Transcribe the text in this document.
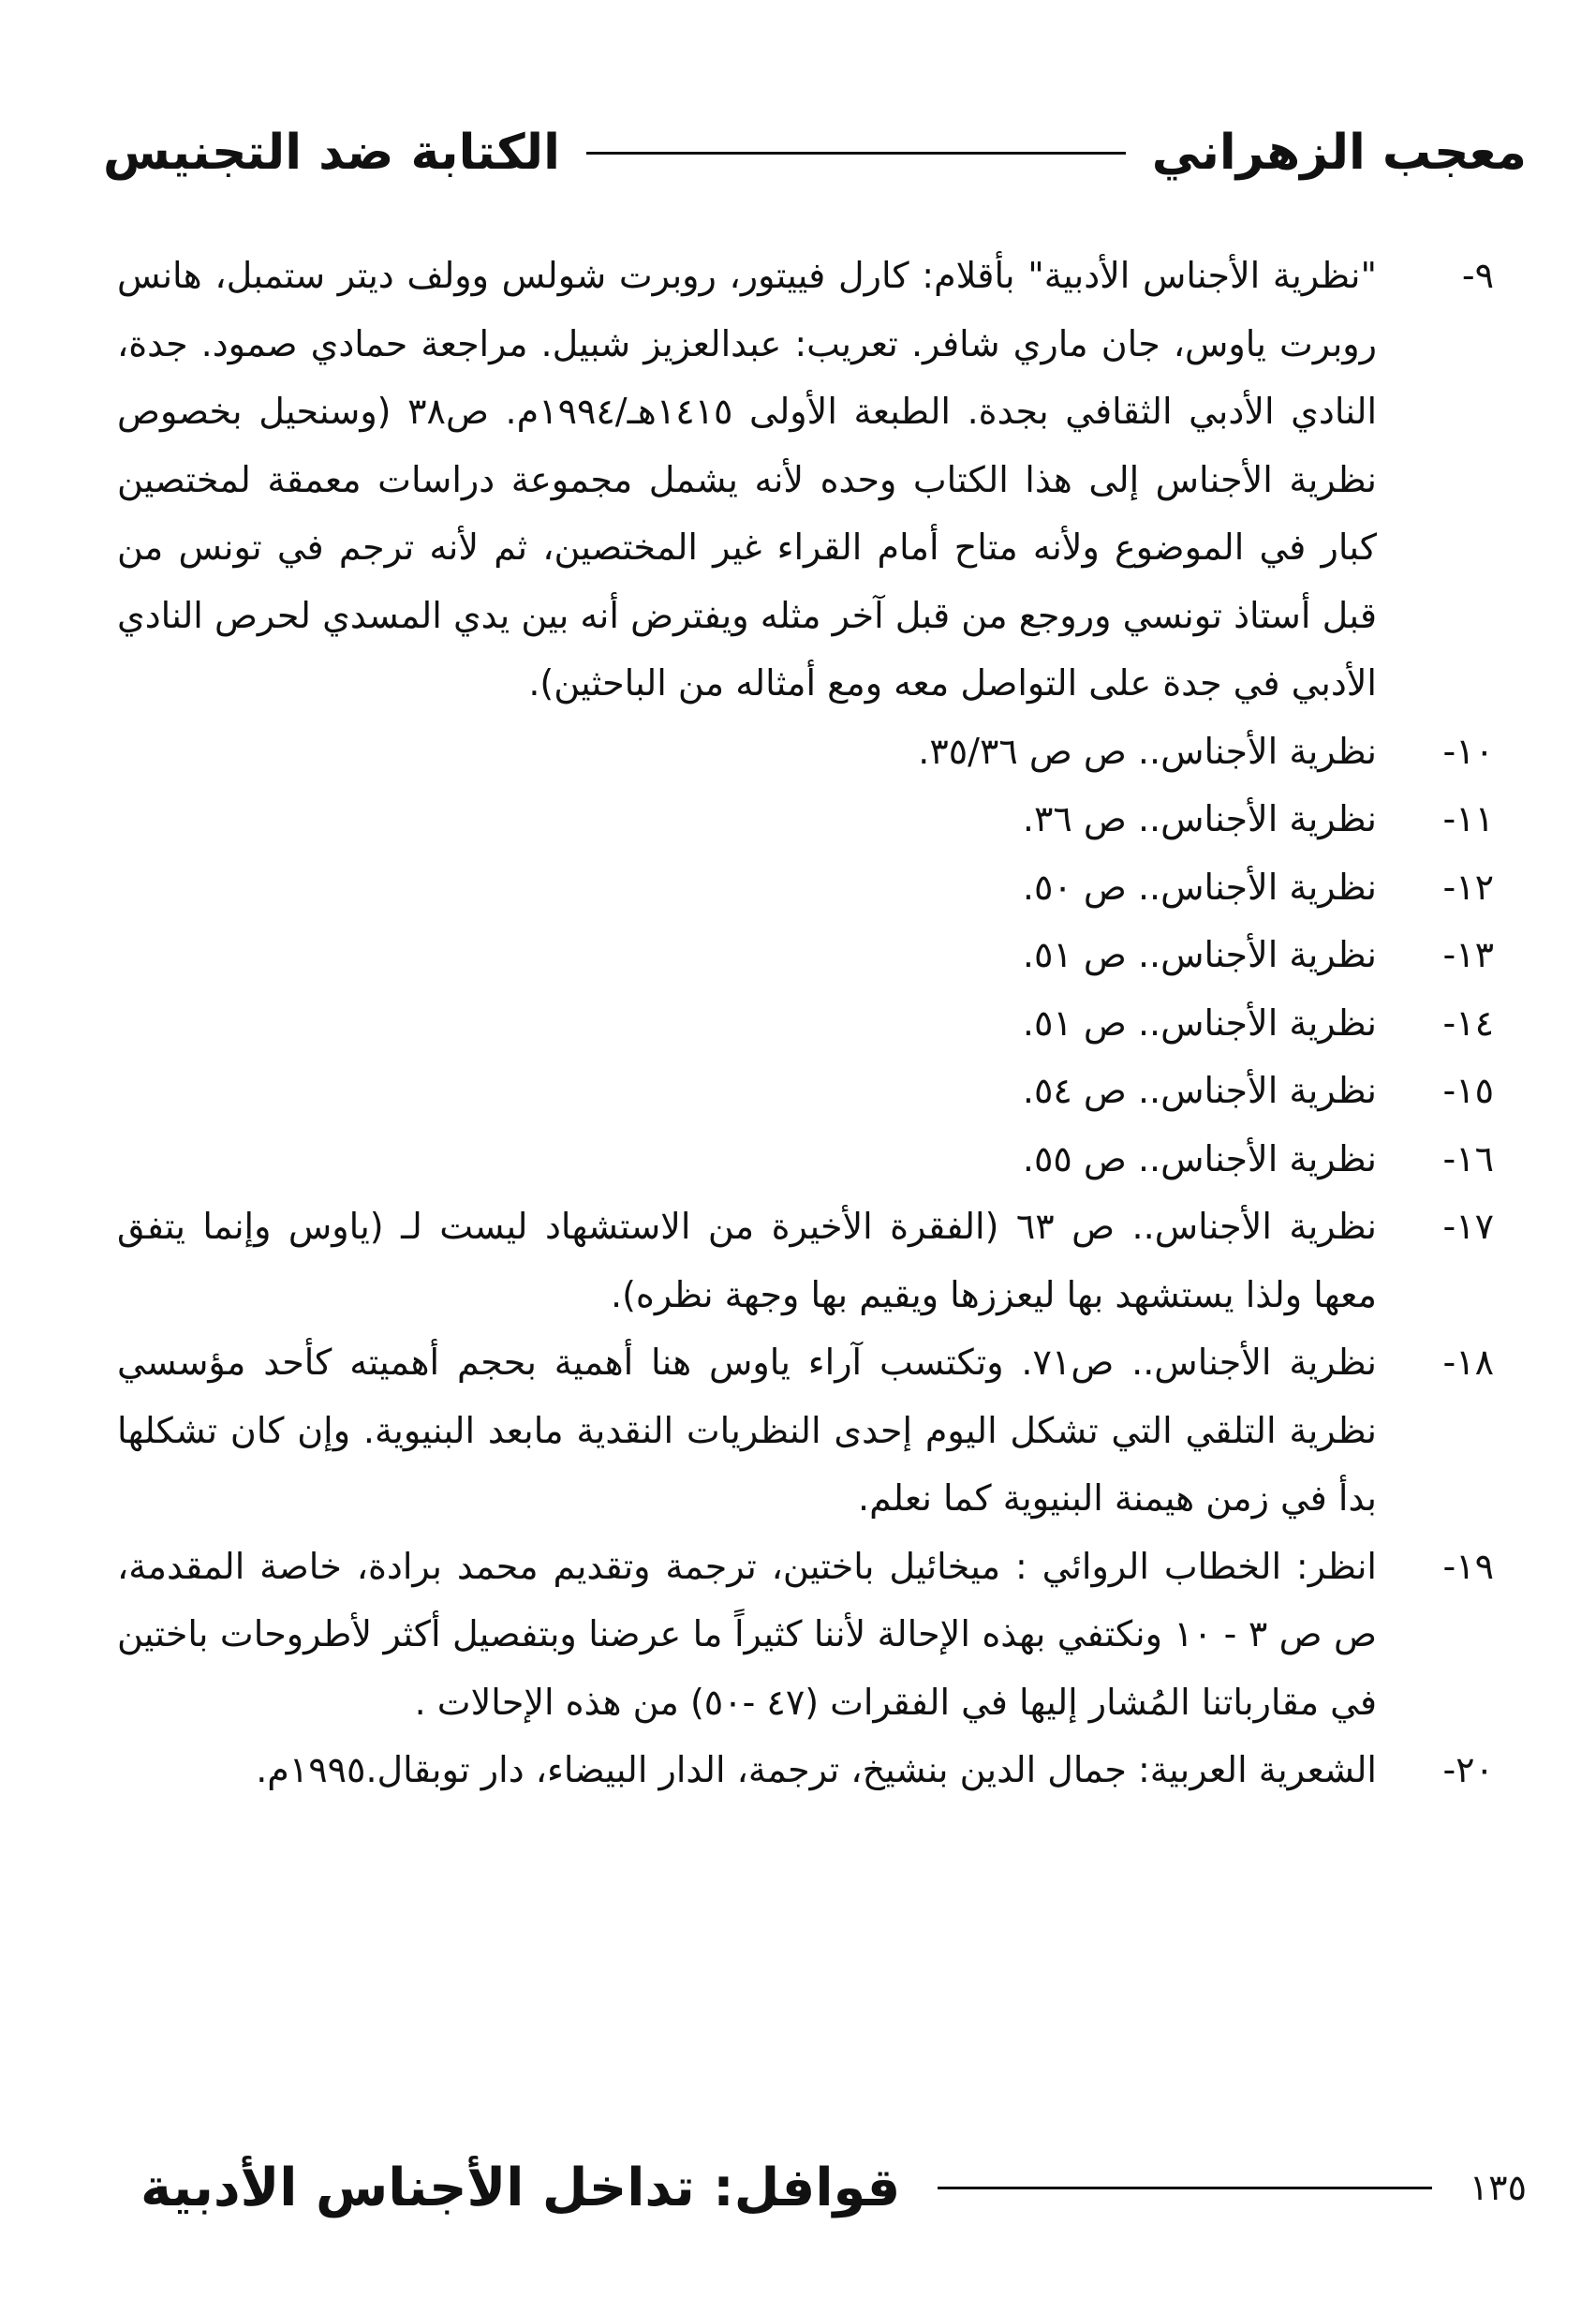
الكتابة ضد التجنيس	معجب الزهراني
٩-
"نظرية الأجناس الأدبية" بأقلام: كارل فييتور، روبرت شولس وولف ديتر ستمبل، هانس روبرت ياوس، جان ماري شافر. تعريب: عبدالعزيز شبيل. مراجعة حمادي صمود. جدة، النادي الأدبي الثقافي بجدة. الطبعة الأولى ١٤١٥هـ/١٩٩٤م. ص٣٨ (وسنحيل بخصوص نظرية الأجناس إلى هذا الكتاب وحده لأنه يشمل مجموعة دراسات معمقة لمختصين كبار في الموضوع ولأنه متاح أمام القراء غير المختصين، ثم لأنه ترجم في تونس من قبل أستاذ تونسي وروجع من قبل آخر مثله ويفترض أنه بين يدي المسدي لحرص النادي الأدبي في جدة على التواصل معه ومع أمثاله من الباحثين).
١٠-
نظرية الأجناس.. ص ص ٣٥/٣٦.
١١-
نظرية الأجناس.. ص ٣٦.
١٢-
نظرية الأجناس.. ص ٥٠.
١٣-
نظرية الأجناس.. ص ٥١.
١٤-
نظرية الأجناس.. ص ٥١.
١٥-
نظرية الأجناس.. ص ٥٤.
١٦-
نظرية الأجناس.. ص ٥٥.
١٧-
نظرية الأجناس.. ص ٦٣ (الفقرة الأخيرة من الاستشهاد ليست لـ (ياوس وإنما يتفق معها ولذا يستشهد بها ليعززها ويقيم بها وجهة نظره).
١٨-
نظرية الأجناس.. ص٧١. وتكتسب آراء ياوس هنا أهمية بحجم أهميته كأحد مؤسسي نظرية التلقي التي تشكل اليوم إحدى النظريات النقدية مابعد البنيوية. وإن كان تشكلها بدأ في زمن هيمنة البنيوية كما نعلم.
١٩-
انظر: الخطاب الروائي : ميخائيل باختين، ترجمة وتقديم محمد برادة، خاصة المقدمة، ص ص ٣ - ١٠ ونكتفي بهذه الإحالة لأننا كثيراً ما عرضنا وبتفصيل أكثر لأطروحات باختين في مقارباتنا المُشار إليها في الفقرات (٤٧ -٥٠) من هذه الإحالات .
٢٠-
الشعرية العربية: جمال الدين بنشيخ، ترجمة، الدار البيضاء، دار توبقال.١٩٩٥م.
قوافل: تداخل الأجناس الأدبية	١٣٥
